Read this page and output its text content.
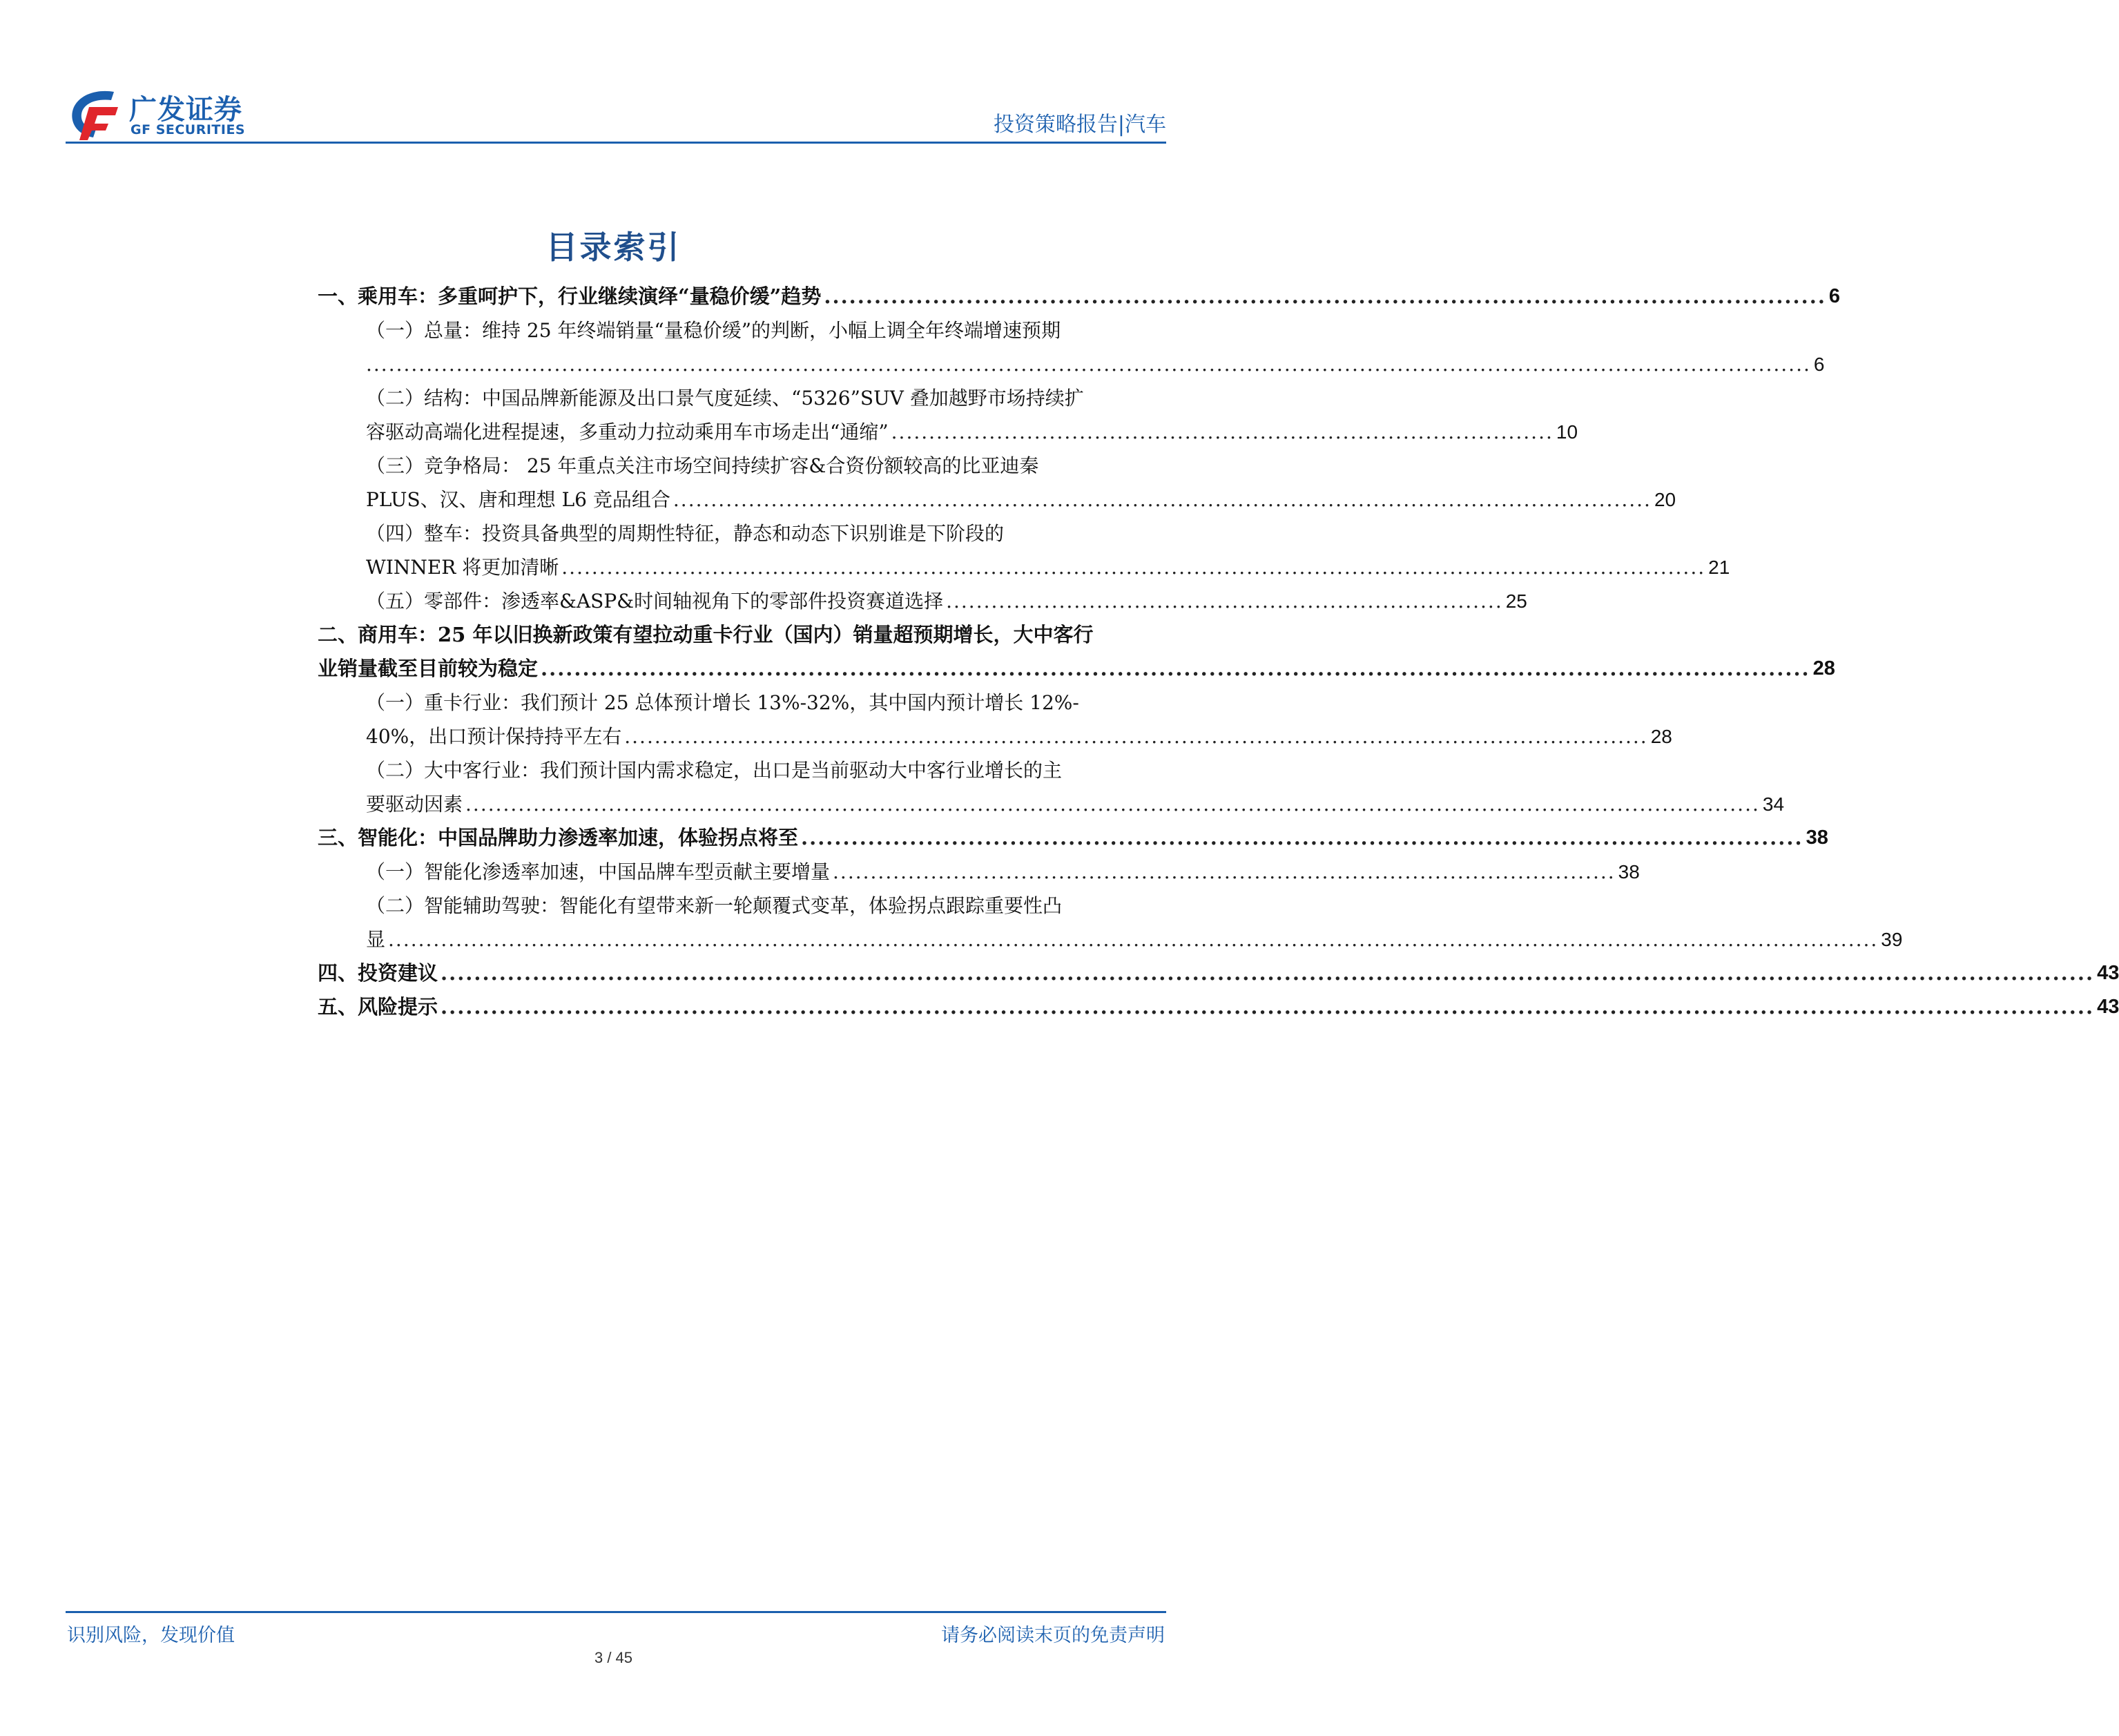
广发证券
GF SECURITIES	投资策略报告|汽车
目录索引
一、乘用车：多重呵护下，行业继续演绎“量稳价缓”趋势 ........................................................................................................................ 6
（一）总量：维持 25 年终端销量“量稳价缓”的判断，小幅上调全年终端增速预期
................................................................................................................................................................................................ 6
（二）结构：中国品牌新能源及出口景气度延续、“5326”SUV 叠加越野市场持续扩
容驱动高端化进程提速，多重动力拉动乘用车市场走出“通缩” ........................................................................................ 10
（三）竞争格局： 25 年重点关注市场空间持续扩容&合资份额较高的比亚迪秦
PLUS、汉、唐和理想 L6 竞品组合 .................................................................................................................................. 20
（四）整车：投资具备典型的周期性特征，静态和动态下识别谁是下阶段的
WINNER 将更加清晰 ........................................................................................................................................................ 21
（五）零部件：渗透率&ASP&时间轴视角下的零部件投资赛道选择 .......................................................................... 25
二、商用车：25 年以旧换新政策有望拉动重卡行业（国内）销量超预期增长，大中客行
业销量截至目前较为稳定 ........................................................................................................................................................ 28
（一）重卡行业：我们预计 25 总体预计增长 13%-32%，其中国内预计增长 12%-
40%，出口预计保持持平左右 ........................................................................................................................................ 28
（二）大中客行业：我们预计国内需求稳定，出口是当前驱动大中客行业增长的主
要驱动因素 ............................................................................................................................................................................ 34
三、智能化：中国品牌助力渗透率加速，体验拐点将至 ........................................................................................................................ 38
（一）智能化渗透率加速，中国品牌车型贡献主要增量 ........................................................................................................ 38
（二）智能辅助驾驶：智能化有望带来新一轮颠覆式变革，体验拐点跟踪重要性凸
显 ...................................................................................................................................................................................................... 39
四、投资建议 ...................................................................................................................................................................................................... 43
五、风险提示 ...................................................................................................................................................................................................... 43
识别风险，发现价值	请务必阅读末页的免责声明
3 / 45
